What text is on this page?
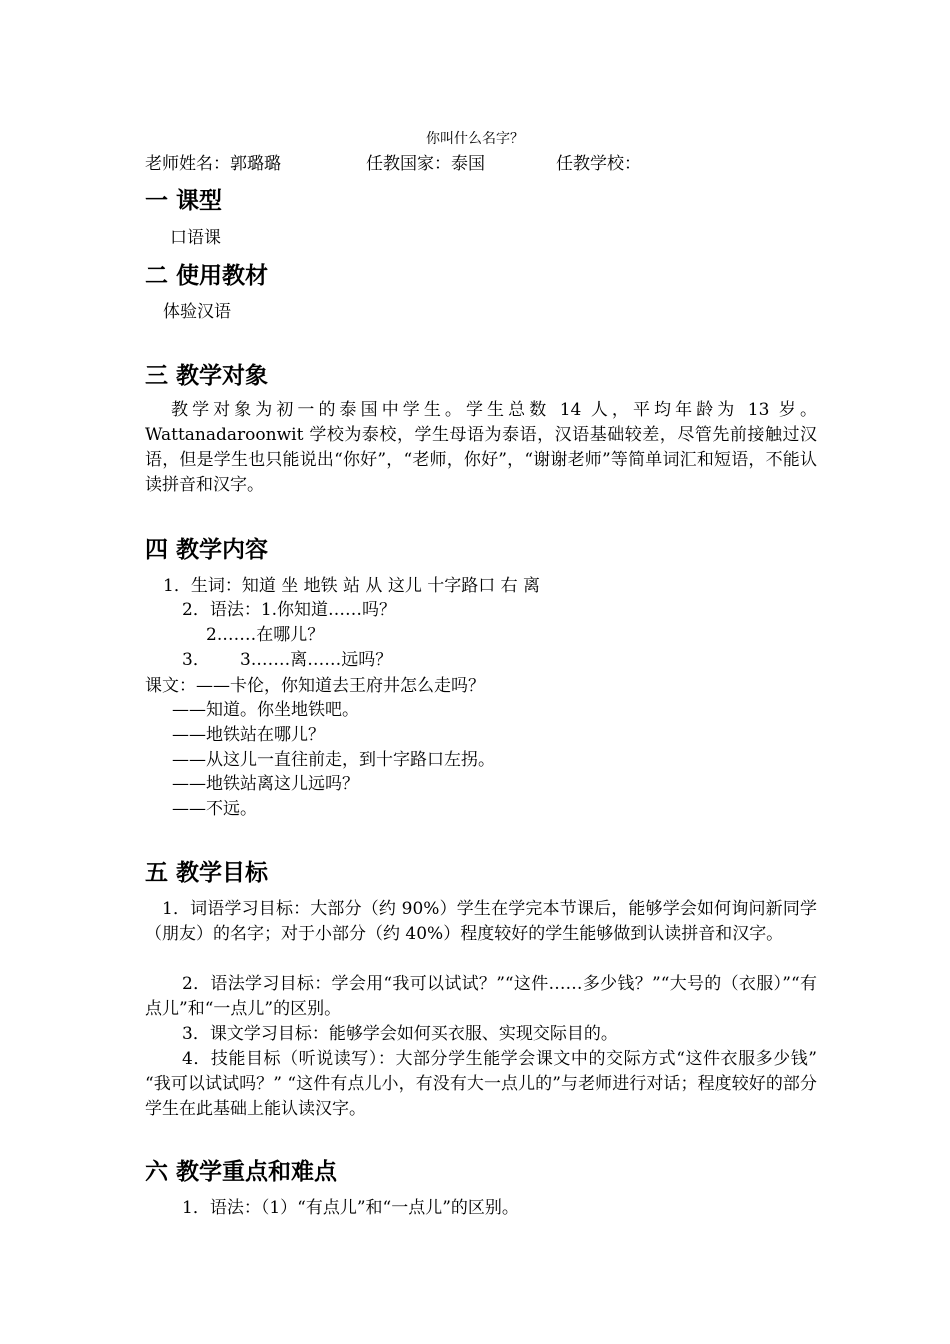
你叫什么名字？
老师姓名：郭璐璐	任教国家：泰国	任教学校：
一 课型
口语课
二 使用教材
体验汉语
三 教学对象

教学对象为初一的泰国中学生。学生总数 14 人，平均年龄为 13 岁。Wattanadaroonwit 学校为泰校，学生母语为泰语，汉语基础较差，尽管先前接触过汉语，但是学生也只能说出“你好”，“老师，你好”，“谢谢老师”等简单词汇和短语，不能认读拼音和汉字。

四 教学内容
1．生词：知道 坐 地铁 站 从 这儿 十字路口 右 离
2．语法：1.你知道……吗？
2.……在哪儿？
3． 3.……离……远吗？
课文：——卡伦，你知道去王府井怎么走吗？
——知道。你坐地铁吧。
——地铁站在哪儿？
——从这儿一直往前走，到十字路口左拐。
——地铁站离这儿远吗？
——不远。
五 教学目标

1．词语学习目标：大部分（约 90%）学生在学完本节课后，能够学会如何询问新同学（朋友）的名字；对于小部分（约 40%）程度较好的学生能够做到认读拼音和汉字。

2．语法学习目标：学会用“我可以试试？”“这件……多少钱？”“大号的（衣服）”“有点儿”和“一点儿”的区别。

3．课文学习目标：能够学会如何买衣服、实现交际目的。

4．技能目标（听说读写）：大部分学生能学会课文中的交际方式“这件衣服多少钱” “我可以试试吗？” “这件有点儿小，有没有大一点儿的”与老师进行对话；程度较好的部分学生在此基础上能认读汉字。

六 教学重点和难点
1．语法：（1）“有点儿”和“一点儿”的区别。
